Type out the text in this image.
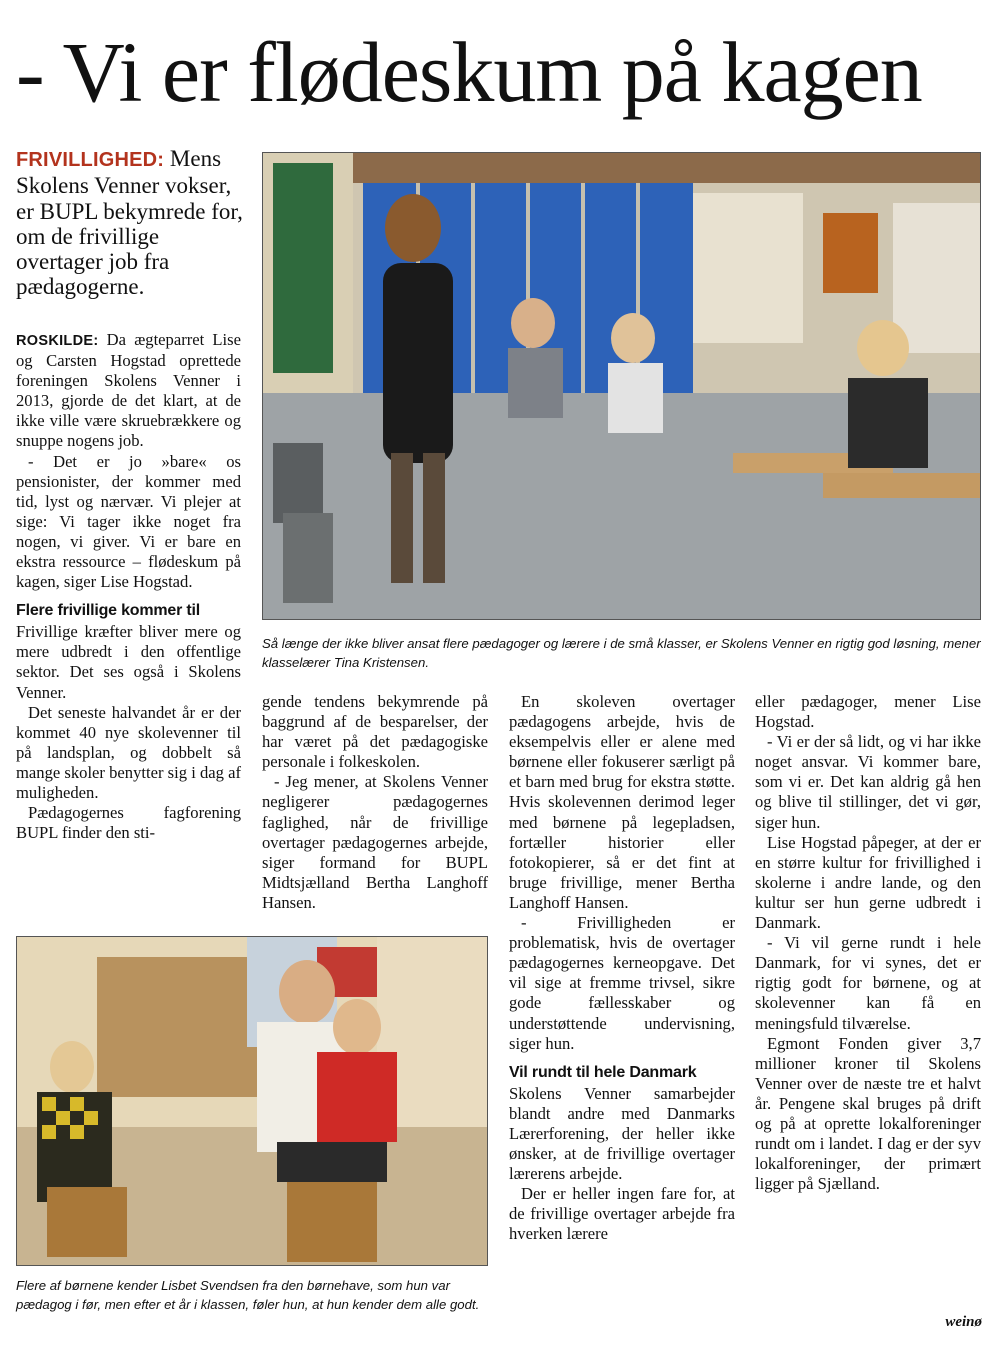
- Vi er flødeskum på kagen
FRIVILLIGHED: Mens Skolens Venner vokser, er BUPL bekymrede for, om de frivillige overtager job fra pædagogerne.

ROSKILDE: Da ægteparret Lise og Carsten Hogstad oprettede foreningen Skolens Venner i 2013, gjorde de det klart, at de ikke ville være skruebrækkere og snuppe nogens job.

- Det er jo »bare« os pensionister, der kommer med tid, lyst og nærvær. Vi plejer at sige: Vi tager ikke noget fra nogen, vi giver. Vi er bare en ekstra ressource – flødeskum på kagen, siger Lise Hogstad.

Flere frivillige kommer til

Frivillige kræfter bliver mere og mere udbredt i den offentlige sektor. Det ses også i Skolens Venner.

Det seneste halvandet år er der kommet 40 nye skolevenner til på landsplan, og dobbelt så mange skoler benytter sig i dag af muligheden.

Pædagogernes fagforening BUPL finder den sti-

Så længe der ikke bliver ansat flere pædagoger og lærere i de små klasser, er Skolens Venner en rigtig god løsning, mener klasselærer Tina Kristensen.

gende tendens bekymrende på baggrund af de besparelser, der har været på det pædagogiske personale i folkeskolen.

- Jeg mener, at Skolens Venner negligerer pædagogernes faglighed, når de frivillige overtager pædagogernes arbejde, siger formand for BUPL Midtsjælland Bertha Langhoff Hansen.

En skoleven overtager pædagogens arbejde, hvis de eksempelvis eller er alene med børnene eller fokuserer særligt på et barn med brug for ekstra støtte. Hvis skolevennen derimod leger med børnene på legepladsen, fortæller historier eller fotokopierer, så er det fint at bruge frivillige, mener Bertha Langhoff Hansen.

- Frivilligheden er problematisk, hvis de overtager pædagogernes kerneopgave. Det vil sige at fremme trivsel, sikre gode fællesskaber og understøttende undervisning, siger hun.

Vil rundt til hele Danmark

Skolens Venner samarbejder blandt andre med Danmarks Lærerforening, der heller ikke ønsker, at de frivillige overtager lærerens arbejde.

Der er heller ingen fare for, at de frivillige overtager arbejde fra hverken lærere

eller pædagoger, mener Lise Hogstad.

- Vi er der så lidt, og vi har ikke noget ansvar. Vi kommer bare, som vi er. Det kan aldrig gå hen og blive til stillinger, det vi gør, siger hun.

Lise Hogstad påpeger, at der er en større kultur for frivillighed i skolerne i andre lande, og den kultur ser hun gerne udbredt i Danmark.

- Vi vil gerne rundt i hele Danmark, for vi synes, det er rigtig godt for børnene, og at skolevenner kan få en meningsfuld tilværelse.

Egmont Fonden giver 3,7 millioner kroner til Skolens Venner over de næste tre et halvt år. Pengene skal bruges på drift og på at oprette lokalforeninger rundt om i landet. I dag er der syv lokalforeninger, der primært ligger på Sjælland.

Flere af børnene kender Lisbet Svendsen fra den børnehave, som hun var pædagog i før, men efter et år i klassen, føler hun, at hun kender dem alle godt.
weinø
